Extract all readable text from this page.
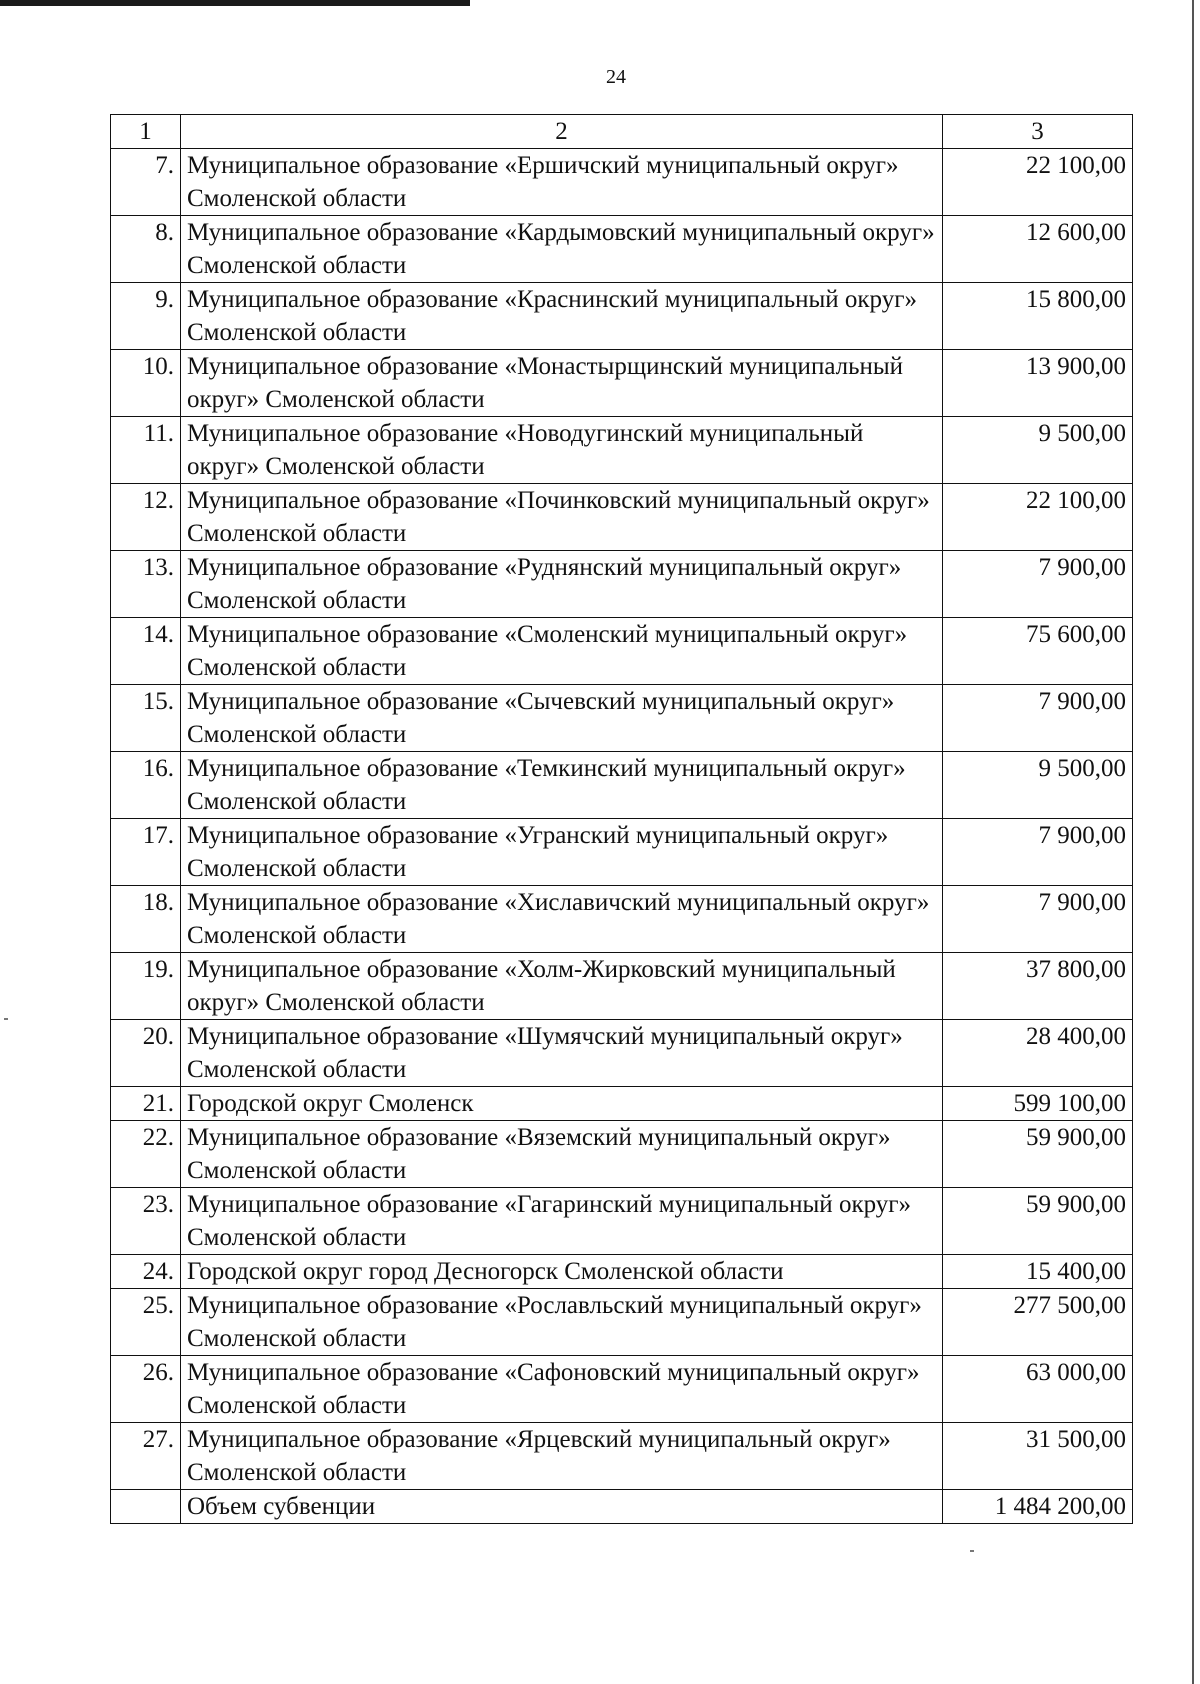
24
1	2	3
7.	Муниципальное образование «Ершичский муниципальный округ» Смоленской области	22 100,00
8.	Муниципальное образование «Кардымовский муниципальный округ» Смоленской области	12 600,00
9.	Муниципальное образование «Краснинский муниципальный округ» Смоленской области	15 800,00
10.	Муниципальное образование «Монастырщинский муниципальный округ» Смоленской области	13 900,00
11.	Муниципальное образование «Новодугинский муниципальный округ» Смоленской области	9 500,00
12.	Муниципальное образование «Починковский муниципальный округ» Смоленской области	22 100,00
13.	Муниципальное образование «Руднянский муниципальный округ» Смоленской области	7 900,00
14.	Муниципальное образование «Смоленский муниципальный округ» Смоленской области	75 600,00
15.	Муниципальное образование «Сычевский муниципальный округ» Смоленской области	7 900,00
16.	Муниципальное образование «Темкинский муниципальный округ» Смоленской области	9 500,00
17.	Муниципальное образование «Угранский муниципальный округ» Смоленской области	7 900,00
18.	Муниципальное образование «Хиславичский муниципальный округ» Смоленской области	7 900,00
19.	Муниципальное образование «Холм-Жирковский муниципальный округ» Смоленской области	37 800,00
20.	Муниципальное образование «Шумячский муниципальный округ» Смоленской области	28 400,00
21.	Городской округ Смоленск	599 100,00
22.	Муниципальное образование «Вяземский муниципальный округ» Смоленской области	59 900,00
23.	Муниципальное образование «Гагаринский муниципальный округ» Смоленской области	59 900,00
24.	Городской округ город Десногорск Смоленской области	15 400,00
25.	Муниципальное образование «Рославльский муниципальный округ» Смоленской области	277 500,00
26.	Муниципальное образование «Сафоновский муниципальный округ» Смоленской области	63 000,00
27.	Муниципальное образование «Ярцевский муниципальный округ» Смоленской области	31 500,00
	Объем субвенции	1 484 200,00
